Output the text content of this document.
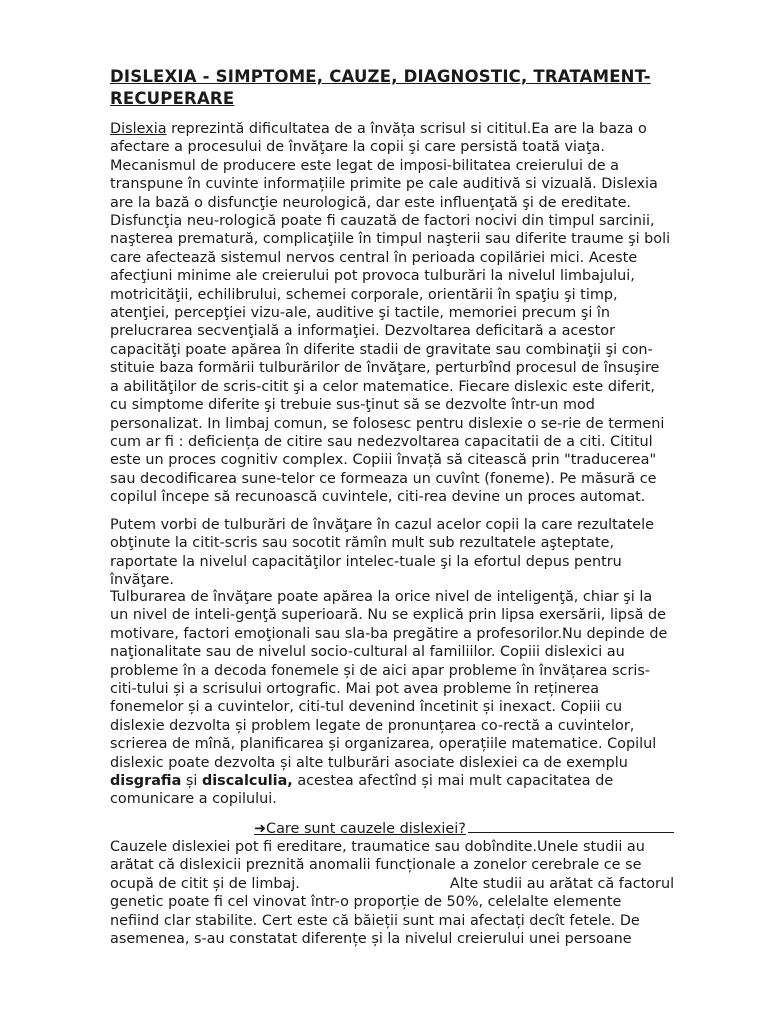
DISLEXIA - SIMPTOME, CAUZE, DIAGNOSTIC, TRATAMENT- RECUPERARE
Dislexia reprezintă dificultatea de a învăța scrisul si cititul.Ea are la baza o
afectare a procesului de învăţare la copii şi care persistă toată viaţa.
Mecanismul de producere este legat de imposi-bilitatea creierului de a
transpune în cuvinte informațiile primite pe cale auditivă si vizuală. Dislexia
are la bază o disfuncţie neurologică, dar este influenţată şi de ereditate.
Disfuncţia neu-rologică poate fi cauzată de factori nocivi din timpul sarcinii,
naşterea prematură, complicaţiile în timpul naşterii sau diferite traume şi boli
care afectează sistemul nervos central în perioada copilăriei mici. Aceste
afecţiuni minime ale creierului pot provoca tulburări la nivelul limbajului,
motricităţii, echilibrului, schemei corporale, orientării în spaţiu şi timp,
atenţiei, percepţiei vizu-ale, auditive şi tactile, memoriei precum şi în
prelucrarea secvenţială a informaţiei. Dezvoltarea deficitară a acestor
capacităţi poate apărea în diferite stadii de gravitate sau combinaţii şi con-
stituie baza formării tulburărilor de învăţare, perturbînd procesul de însuşire
a abilităţilor de scris-citit şi a celor matematice. Fiecare dislexic este diferit,
cu simptome diferite şi trebuie sus-ţinut să se dezvolte într-un mod
personalizat. In limbaj comun, se folosesc pentru dislexie o se-rie de termeni
cum ar fi : deficiența de citire sau nedezvoltarea capacitatii de a citi. Cititul
este un proces cognitiv complex. Copiii învață să citească prin "traducerea"
sau decodificarea sune-telor ce formeaza un cuvînt (foneme). Pe măsură ce
copilul începe să recunoască cuvintele, citi-rea devine un proces automat.
Putem vorbi de tulburări de învăţare în cazul acelor copii la care rezultatele
obţinute la citit-scris sau socotit rămîn mult sub rezultatele aşteptate,
raportate la nivelul capacităţilor intelec-tuale şi la efortul depus pentru
învăţare.
Tulburarea de învăţare poate apărea la orice nivel de inteligenţă, chiar şi la
un nivel de inteli-genţă superioară. Nu se explică prin lipsa exersării, lipsă de
motivare, factori emoţionali sau sla-ba pregătire a profesorilor.Nu depinde de
naţionalitate sau de nivelul socio-cultural al familiilor. Copiii dislexici au
probleme în a decoda fonemele și de aici apar probleme în învățarea scris-
citi-tului și a scrisului ortografic. Mai pot avea probleme în reținerea
fonemelor și a cuvintelor, citi-tul devenind încetinit și inexact. Copiii cu
dislexie dezvolta și problem legate de pronunțarea co-rectă a cuvintelor,
scrierea de mînă, planificarea și organizarea, operațiile matematice. Copilul
dislexic poate dezvolta și alte tulburări asociate dislexiei ca de exemplu
disgrafia și discalculia, acestea afectînd și mai mult capacitatea de
comunicare a copilului.
➜Care sunt cauzele dislexiei?
Cauzele dislexiei pot fi ereditare, traumatice sau dobîndite.Unele studii au
arătat că dislexicii preznită anomalii funcționale a zonelor cerebrale ce se
ocupă de citit și de limbaj.	Alte studii au arătat că factorul
genetic poate fi cel vinovat într-o proporție de 50%, celelalte elemente
nefiind clar stabilite. Cert este că băieții sunt mai afectați decît fetele. De
asemenea, s-au constatat diferențe și la nivelul creierului unei persoane
